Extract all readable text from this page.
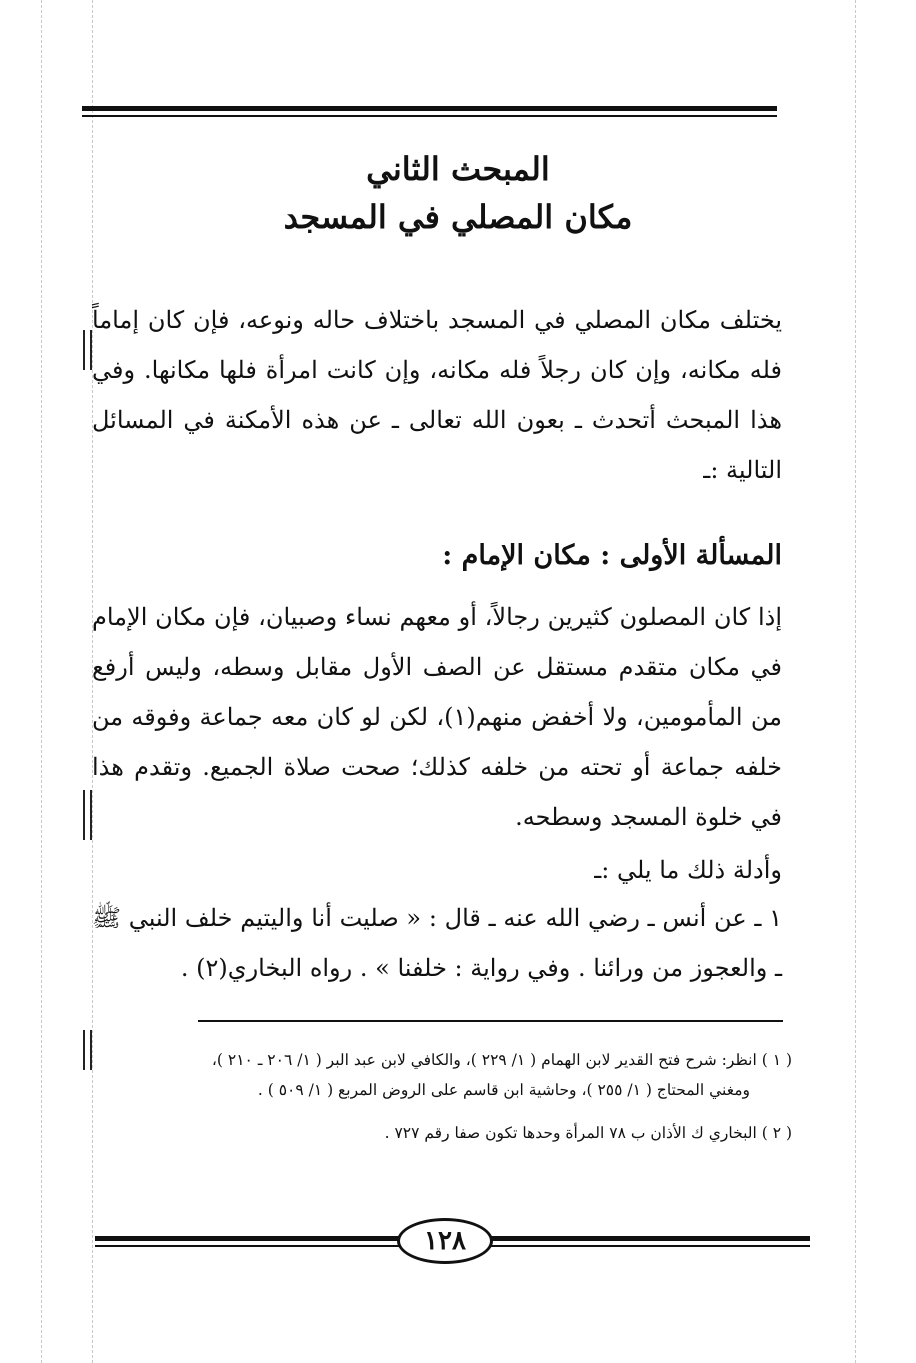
المبحث الثاني
مكان المصلي في المسجد

يختلف مكان المصلي في المسجد باختلاف حاله ونوعه، فإن كان إماماً فله مكانه، وإن كان رجلاً فله مكانه، وإن كانت امرأة فلها مكانها. وفي هذا المبحث أتحدث ـ بعون الله تعالى ـ عن هذه الأمكنة في المسائل التالية :ـ

المسألة الأولى : مكان الإمام :

إذا كان المصلون كثيرين رجالاً، أو معهم نساء وصبيان، فإن مكان الإمام في مكان متقدم مستقل عن الصف الأول مقابل وسطه، وليس أرفع من المأمومين، ولا أخفض منهم(١)، لكن لو كان معه جماعة وفوقه من خلفه جماعة أو تحته من خلفه كذلك؛ صحت صلاة الجميع. وتقدم هذا في خلوة المسجد وسطحه.

وأدلة ذلك ما يلي :ـ

١ ـ عن أنس ـ رضي الله عنه ـ قال : « صليت أنا واليتيم خلف النبي ﷺ ـ والعجوز من ورائنا . وفي رواية : خلفنا » . رواه البخاري(٢) .

( ١ ) انظر: شرح فتح القدير لابن الهمام ( ١/ ٢٢٩ )، والكافي لابن عبد البر ( ١/ ٢٠٦ ـ ٢١٠ )،

ومغني المحتاج ( ١/ ٢٥٥ )، وحاشية ابن قاسم على الروض المربع ( ١/ ٥٠٩ ) .

( ٢ ) البخاري ك الأذان ب ٧٨ المرأة وحدها تكون صفا رقم ٧٢٧ .

١٢٨
